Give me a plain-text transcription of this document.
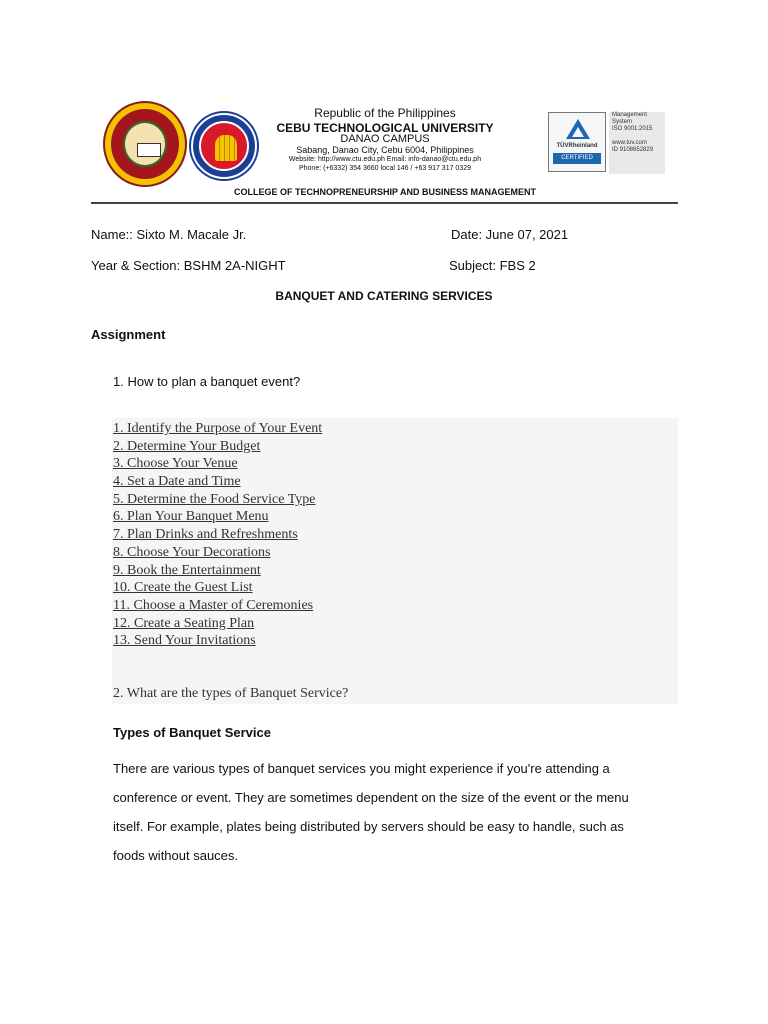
Republic of the Philippines
CEBU TECHNOLOGICAL UNIVERSITY
DANAO CAMPUS
Sabang, Danao City, Cebu 6004, Philippines
Website: http://www.ctu.edu.ph Email: info-danao@ctu.edu.ph
Phone: (+6332) 354 3660 local 146 / +63 917 317 0329
TÜVRheinland
CERTIFIED
Management
System
ISO 9001:2015

www.tuv.com
ID 9108652829
COLLEGE OF TECHNOPRENEURSHIP AND BUSINESS MANAGEMENT
Name:: Sixto M. Macale Jr.	Date: June 07, 2021
Year & Section: BSHM 2A-NIGHT	Subject: FBS 2
BANQUET AND CATERING SERVICES
Assignment
1. How to plan a banquet event?
1. Identify the Purpose of Your Event
2. Determine Your Budget
3. Choose Your Venue
4. Set a Date and Time
5. Determine the Food Service Type
6. Plan Your Banquet Menu
7. Plan Drinks and Refreshments
8. Choose Your Decorations
9. Book the Entertainment
10. Create the Guest List
11. Choose a Master of Ceremonies
12. Create a Seating Plan
13. Send Your Invitations
2. What are the types of Banquet Service?
Types of Banquet Service
There are various types of banquet services you might experience if you're attending a
conference or event. They are sometimes dependent on the size of the event or the menu
itself. For example, plates being distributed by servers should be easy to handle, such as
foods without sauces.
